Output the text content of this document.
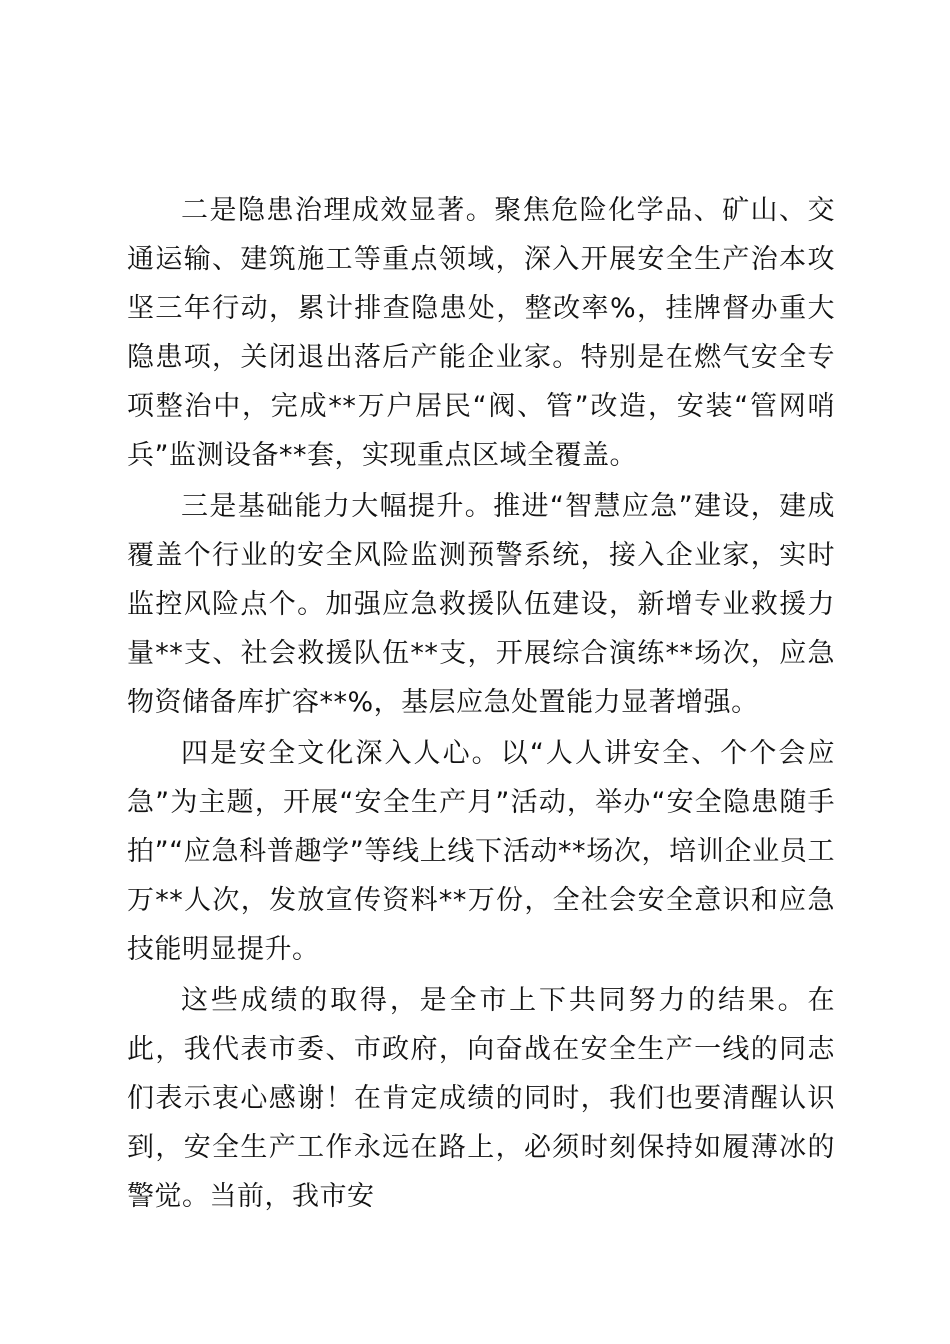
二是隐患治理成效显著。聚焦危险化学品、矿山、交通运输、建筑施工等重点领域，深入开展安全生产治本攻坚三年行动，累计排查隐患处，整改率%，挂牌督办重大隐患项，关闭退出落后产能企业家。特别是在燃气安全专项整治中，完成**万户居民“阀、管”改造，安装“管网哨兵”监测设备**套，实现重点区域全覆盖。

三是基础能力大幅提升。推进“智慧应急”建设，建成覆盖个行业的安全风险监测预警系统，接入企业家，实时监控风险点个。加强应急救援队伍建设，新增专业救援力量**支、社会救援队伍**支，开展综合演练**场次，应急物资储备库扩容**%，基层应急处置能力显著增强。

四是安全文化深入人心。以“人人讲安全、个个会应急”为主题，开展“安全生产月”活动，举办“安全隐患随手拍”“应急科普趣学”等线上线下活动**场次，培训企业员工万**人次，发放宣传资料**万份，全社会安全意识和应急技能明显提升。

这些成绩的取得，是全市上下共同努力的结果。在此，我代表市委、市政府，向奋战在安全生产一线的同志们表示衷心感谢！在肯定成绩的同时，我们也要清醒认识到，安全生产工作永远在路上，必须时刻保持如履薄冰的警觉。当前，我市安
